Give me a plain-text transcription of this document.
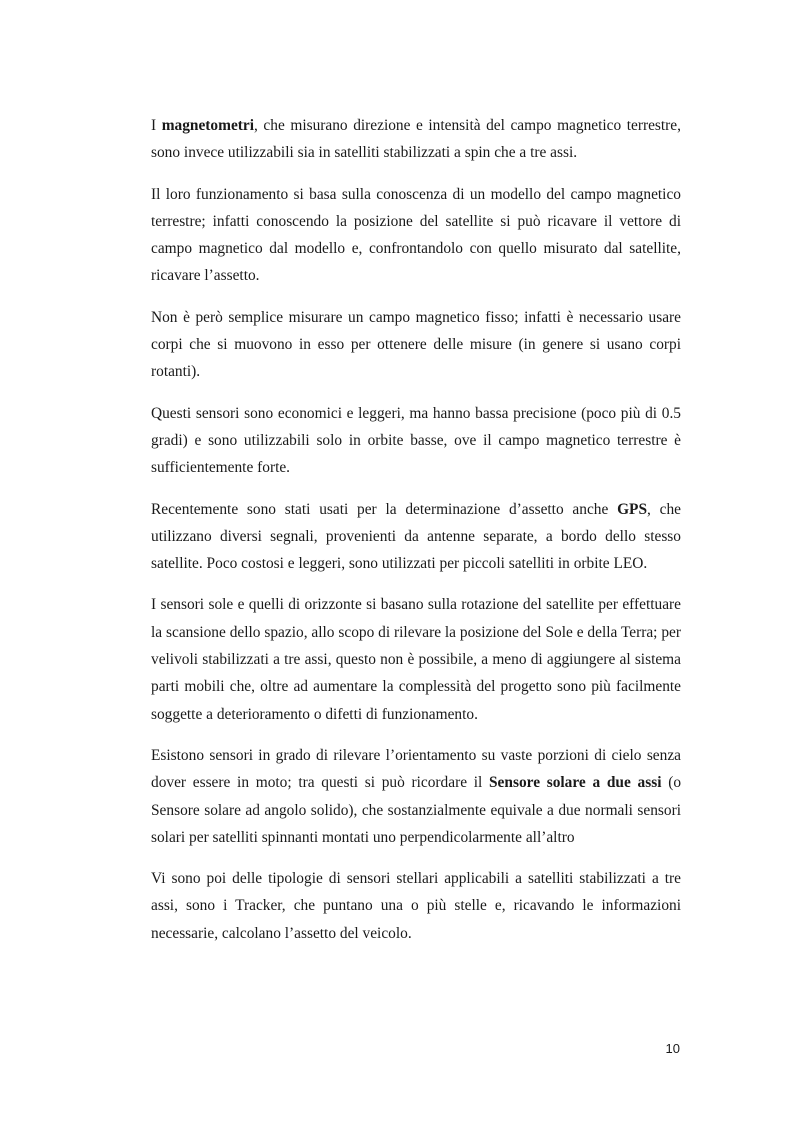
I magnetometri, che misurano direzione e intensità del campo magnetico terrestre, sono invece utilizzabili sia in satelliti stabilizzati a spin che a tre assi.

Il loro funzionamento si basa sulla conoscenza di un modello del campo magnetico terrestre; infatti conoscendo la posizione del satellite si può ricavare il vettore di campo magnetico dal modello e, confrontandolo con quello misurato dal satellite, ricavare l’assetto.

Non è però semplice misurare un campo magnetico fisso; infatti è necessario usare corpi che si muovono in esso per ottenere delle misure (in genere si usano corpi rotanti).

Questi sensori sono economici e leggeri, ma hanno bassa precisione (poco più di 0.5 gradi) e sono utilizzabili solo in orbite basse, ove il campo magnetico terrestre è sufficientemente forte.

Recentemente sono stati usati per la determinazione d’assetto anche GPS, che utilizzano diversi segnali, provenienti da antenne separate, a bordo dello stesso satellite. Poco costosi e leggeri, sono utilizzati per piccoli satelliti in orbite LEO.

I sensori sole e quelli di orizzonte si basano sulla rotazione del satellite per effettuare la scansione dello spazio, allo scopo di rilevare la posizione del Sole e della Terra; per velivoli stabilizzati a tre assi, questo non è possibile, a meno di aggiungere al sistema parti mobili che, oltre ad aumentare la complessità del progetto sono più facilmente soggette a deterioramento o difetti di funzionamento.

Esistono sensori in grado di rilevare l’orientamento su vaste porzioni di cielo senza dover essere in moto; tra questi si può ricordare il Sensore solare a due assi (o Sensore solare ad angolo solido), che sostanzialmente equivale a due normali sensori solari per satelliti spinnanti montati uno perpendicolarmente all’altro

Vi sono poi delle tipologie di sensori stellari applicabili a satelliti stabilizzati a tre assi, sono i Tracker, che puntano una o più stelle e, ricavando le informazioni necessarie, calcolano l’assetto del veicolo.

10
